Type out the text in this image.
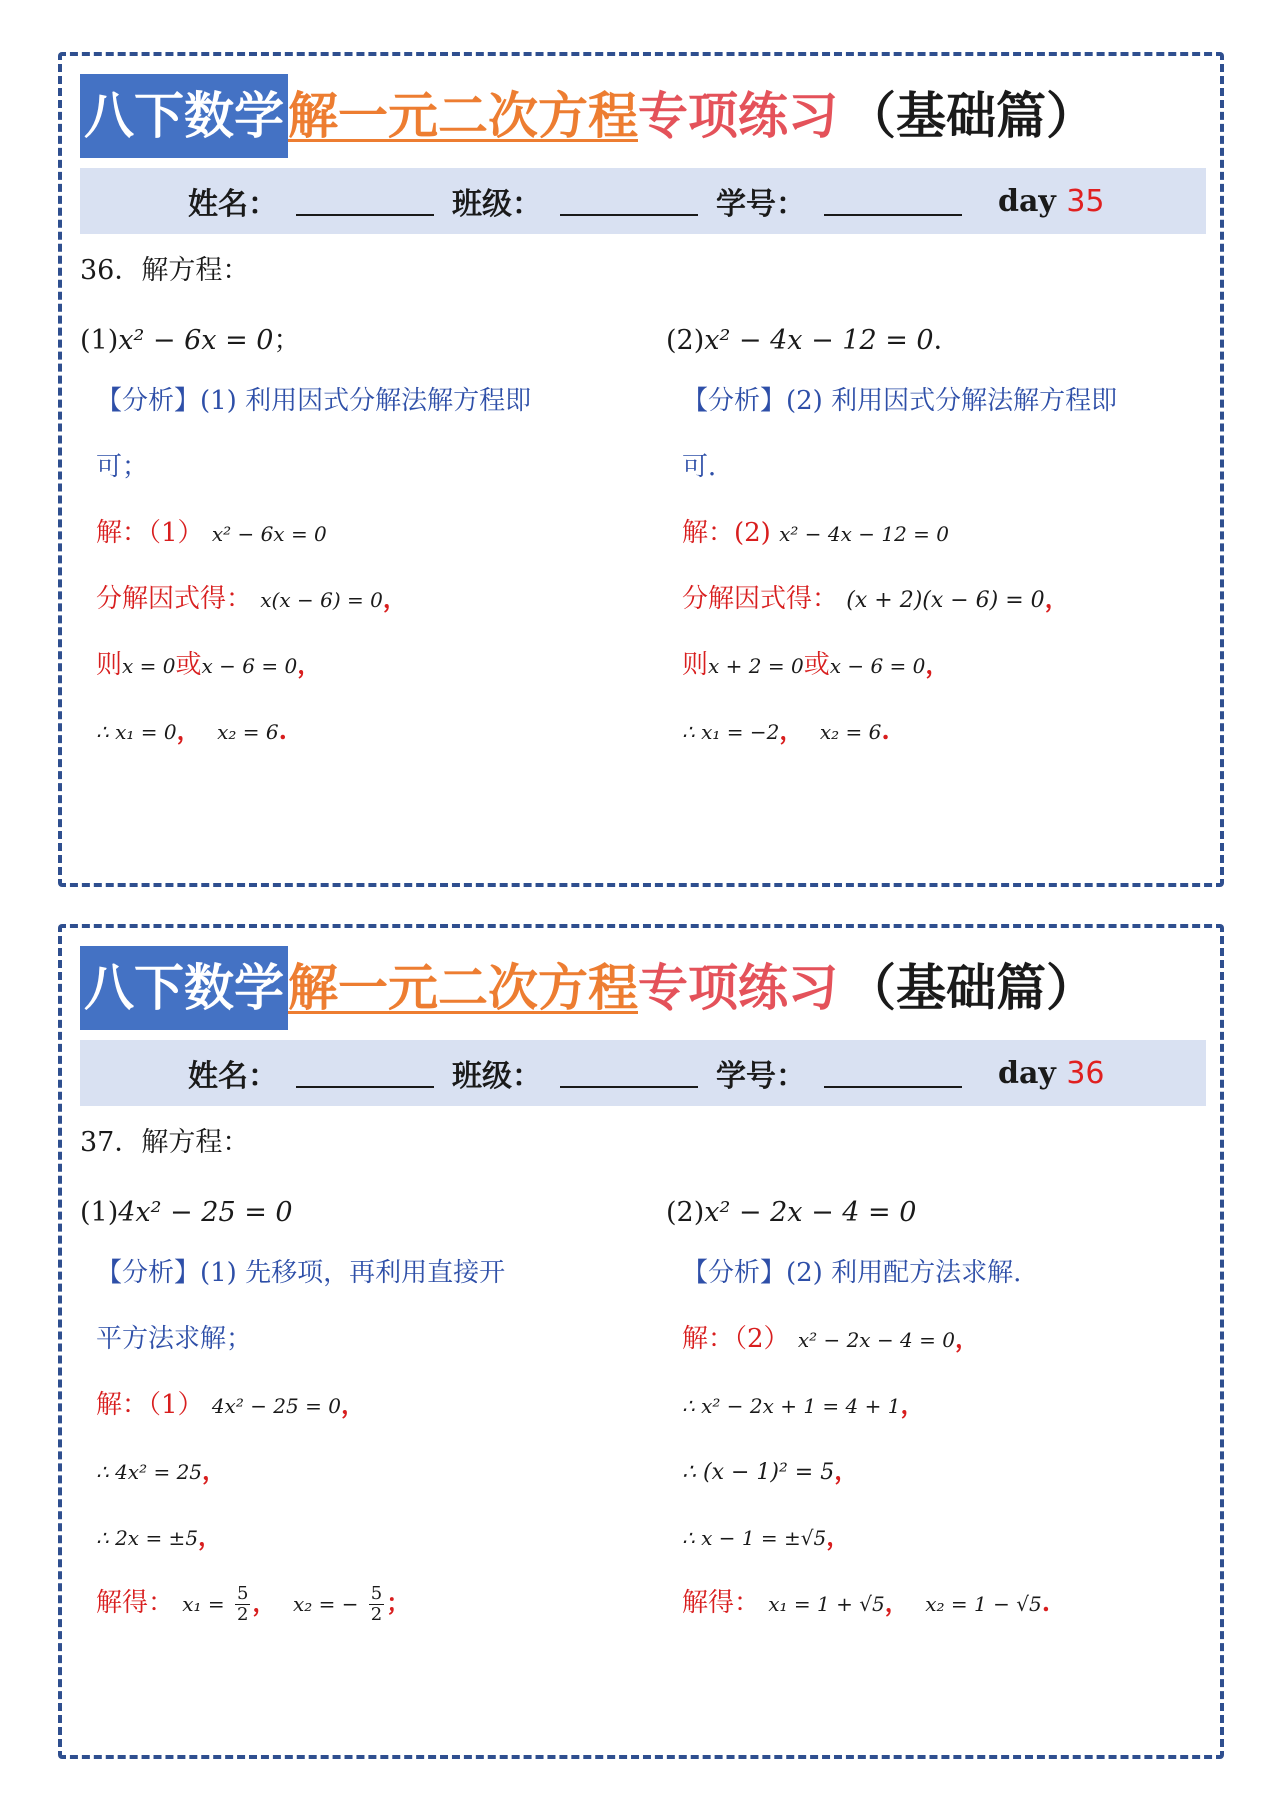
八下数学 解一元二次方程 专项练习 （基础篇）
姓名：	班级：	学号：	day
35
36．解方程：
(1)x² − 6x = 0；
【分析】(1) 利用因式分解法解方程即
可；
解：（1） x² − 6x = 0
分解因式得： x(x − 6) = 0，
则x = 0或x − 6 = 0，
∴ x₁ = 0， x₂ = 6.
(2)x² − 4x − 12 = 0．
【分析】(2) 利用因式分解法解方程即
可．
解：(2) x² − 4x − 12 = 0
分解因式得： (x + 2)(x − 6) = 0，
则x + 2 = 0或x − 6 = 0，
∴ x₁ = −2， x₂ = 6.
八下数学 解一元二次方程 专项练习 （基础篇）
姓名：	班级：	学号：	day
36
37．解方程：
(1)4x² − 25 = 0
【分析】(1) 先移项，再利用直接开
平方法求解；
解：（1） 4x² − 25 = 0，
∴ 4x² = 25，
∴ 2x = ±5，
解得： $x_1 = \frac{5}{2}$ ， x₂ = − $\frac{5}{2}$ ；
(2)x² − 2x − 4 = 0
【分析】(2) 利用配方法求解.
解：（2） x² − 2x − 4 = 0，
∴ x² − 2x + 1 = 4 + 1，
∴ (x − 1)² = 5，
∴ x − 1 = ±√5，
解得： x₁ = 1 + √5， x₂ = 1 − √5.
